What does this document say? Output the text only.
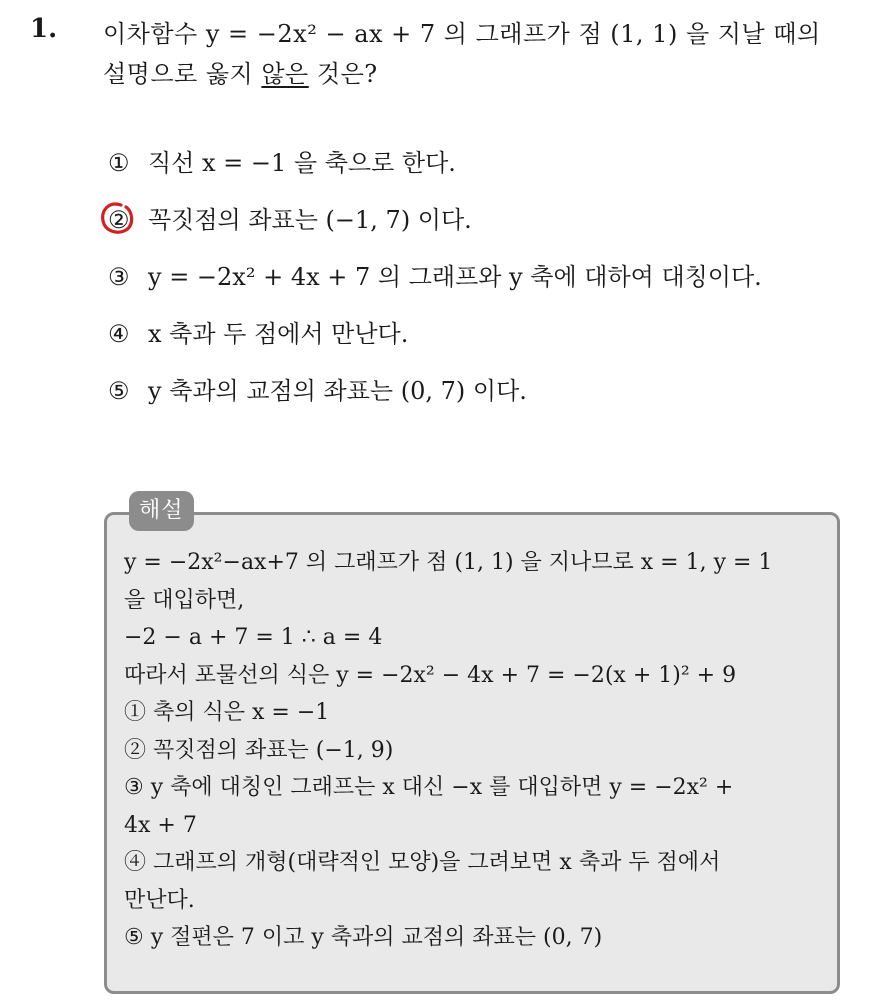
1. 이차함수 y = −2x² − ax + 7 의 그래프가 점 (1, 1) 을 지날 때의
설명으로 옳지 않은 것은?
① 직선 x = −1 을 축으로 한다.
② 꼭짓점의 좌표는 (−1, 7) 이다.
③ y = −2x² + 4x + 7 의 그래프와 y 축에 대하여 대칭이다.
④ x 축과 두 점에서 만난다.
⑤ y 축과의 교점의 좌표는 (0, 7) 이다.
해설
y = −2x²−ax+7 의 그래프가 점 (1, 1) 을 지나므로 x = 1, y = 1
을 대입하면,
−2 − a + 7 = 1 ∴ a = 4
따라서 포물선의 식은 y = −2x² − 4x + 7 = −2(x + 1)² + 9
① 축의 식은 x = −1
② 꼭짓점의 좌표는 (−1, 9)
③ y 축에 대칭인 그래프는 x 대신 −x 를 대입하면 y = −2x² +
4x + 7
④ 그래프의 개형(대략적인 모양)을 그려보면 x 축과 두 점에서
만난다.
⑤ y 절편은 7 이고 y 축과의 교점의 좌표는 (0, 7)
